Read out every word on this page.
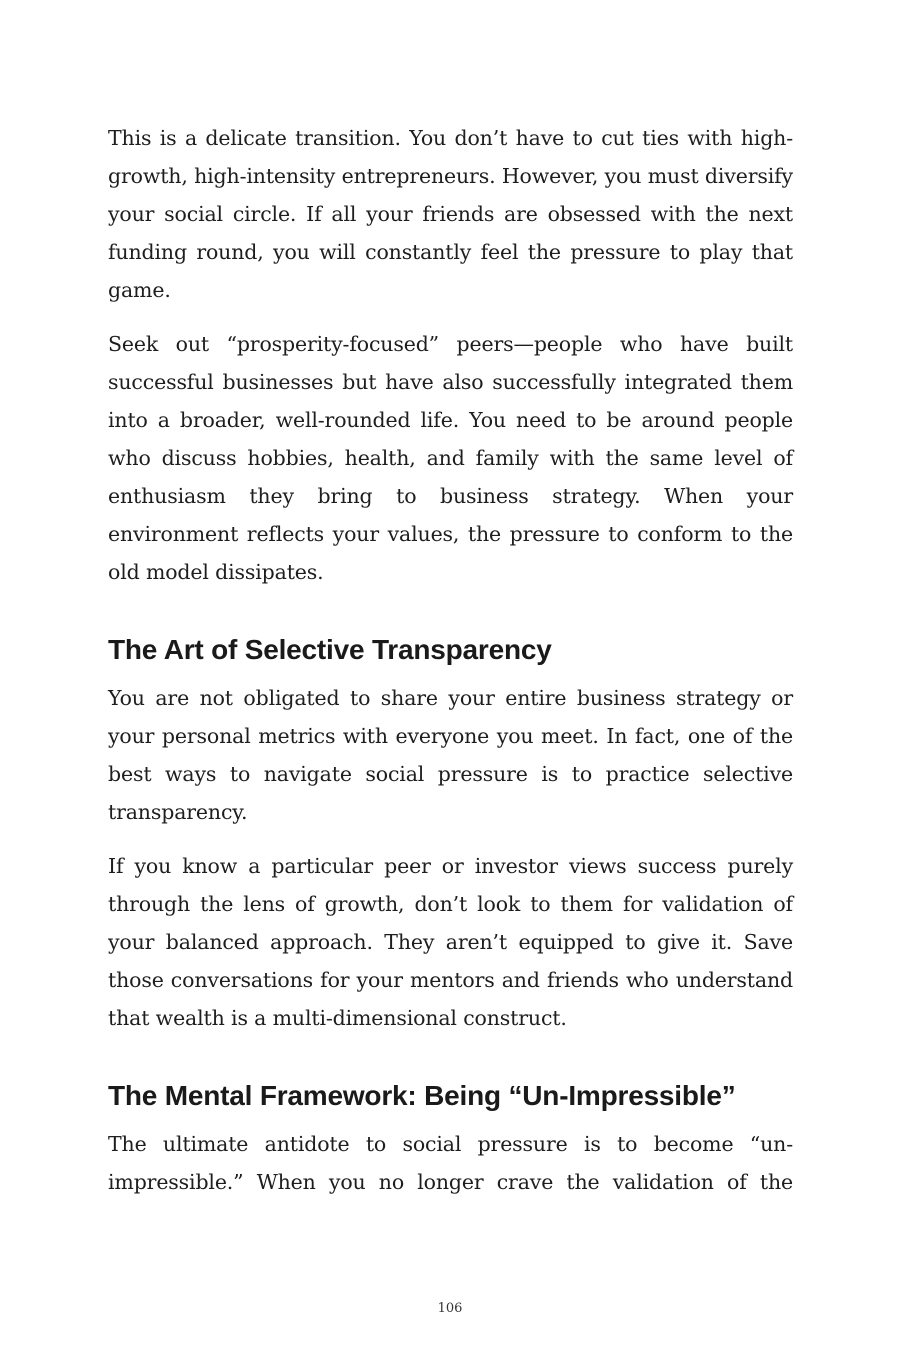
This is a delicate transition. You don’t have to cut ties with high-growth, high-intensity entrepreneurs. However, you must diversify your social circle. If all your friends are obsessed with the next funding round, you will constantly feel the pressure to play that game.

Seek out “prosperity-focused” peers—people who have built successful businesses but have also successfully integrated them into a broader, well-rounded life. You need to be around people who discuss hobbies, health, and family with the same level of enthusiasm they bring to business strategy. When your environment reflects your values, the pressure to conform to the old model dissipates.

The Art of Selective Transparency

You are not obligated to share your entire business strategy or your personal metrics with everyone you meet. In fact, one of the best ways to navigate social pressure is to practice selective transparency.

If you know a particular peer or investor views success purely through the lens of growth, don’t look to them for validation of your balanced approach. They aren’t equipped to give it. Save those conversations for your mentors and friends who understand that wealth is a multi-dimensional construct.

The Mental Framework: Being “Un-Impressible”

The ultimate antidote to social pressure is to become “un-impressible.” When you no longer crave the validation of the

106
